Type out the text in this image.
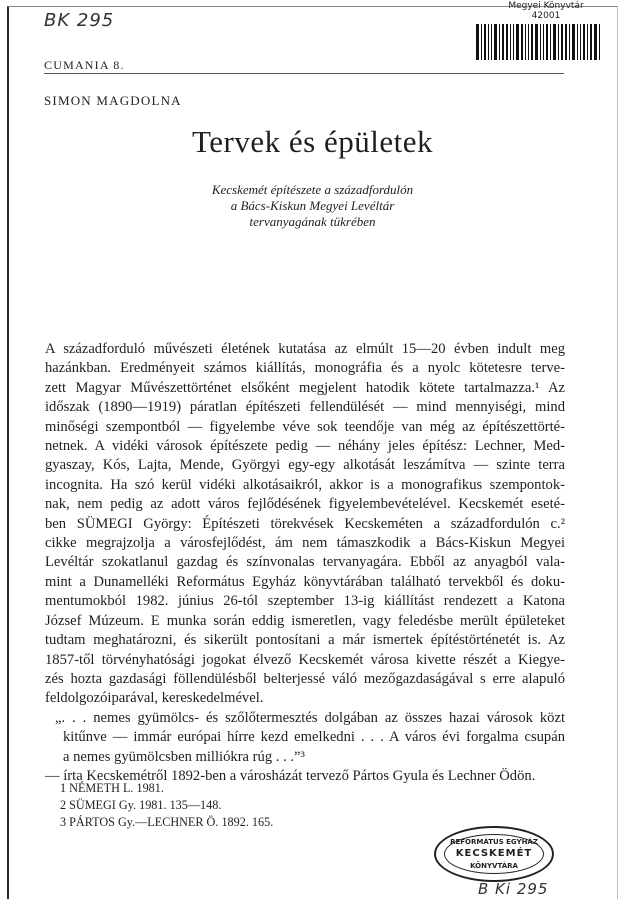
BK 295
Megyei Könyvtár
42001
CUMANIA 8.
SIMON MAGDOLNA
Tervek és épületek
Kecskemét építészete a századfordulón
a Bács-Kiskun Megyei Levéltár
tervanyagának tükrében
A századforduló művészeti életének kutatása az elmúlt 15—20 évben indult meg
hazánkban. Eredményeit számos kiállítás, monográfia és a nyolc kötetesre terve-
zett Magyar Művészettörténet elsőként megjelent hatodik kötete tartalmazza.¹ Az
időszak (1890—1919) páratlan építészeti fellendülését — mind mennyiségi, mind
minőségi szempontból — figyelembe véve sok teendője van még az építészettörté-
netnek. A vidéki városok építészete pedig — néhány jeles építész: Lechner, Med-
gyaszay, Kós, Lajta, Mende, Györgyi egy-egy alkotását leszámítva — szinte terra
incognita. Ha szó kerül vidéki alkotásaikról, akkor is a monografikus szempontok-
nak, nem pedig az adott város fejlődésének figyelembevételével. Kecskemét eseté-
ben SÜMEGI György: Építészeti törekvések Kecskeméten a századfordulón c.²
cikke megrajzolja a városfejlődést, ám nem támaszkodik a Bács-Kiskun Megyei
Levéltár szokatlanul gazdag és színvonalas tervanyagára. Ebből az anyagból vala-
mint a Dunamelléki Református Egyház könyvtárában található tervekből és doku-
mentumokból 1982. június 26-tól szeptember 13-ig kiállítást rendezett a Katona
József Múzeum. E munka során eddig ismeretlen, vagy feledésbe merült épületeket
tudtam meghatározni, és sikerült pontosítani a már ismertek építéstörténetét is. Az
1857-től törvényhatósági jogokat élvező Kecskemét városa kivette részét a Kiegye-
zés hozta gazdasági föllendülésből belterjessé váló mezőgazdaságával s erre alapuló
feldolgozóiparával, kereskedelmével.
„. . . nemes gyümölcs- és szőlőtermesztés dolgában az összes hazai városok közt
kitűnve — immár európai hírre kezd emelkedni . . . A város évi forgalma csupán
a nemes gyümölcsben milliókra rúg . . .”³
— írta Kecskemétről 1892-ben a városházát tervező Pártos Gyula és Lechner Ödön.
1 NÉMETH L. 1981.
2 SÜMEGI Gy. 1981. 135—148.
3 PÁRTOS Gy.—LECHNER Ö. 1892. 165.
REFORMÁTUS EGYHÁZ
KECSKEMÉT
KÖNYVTÁRA
B Ki 295
